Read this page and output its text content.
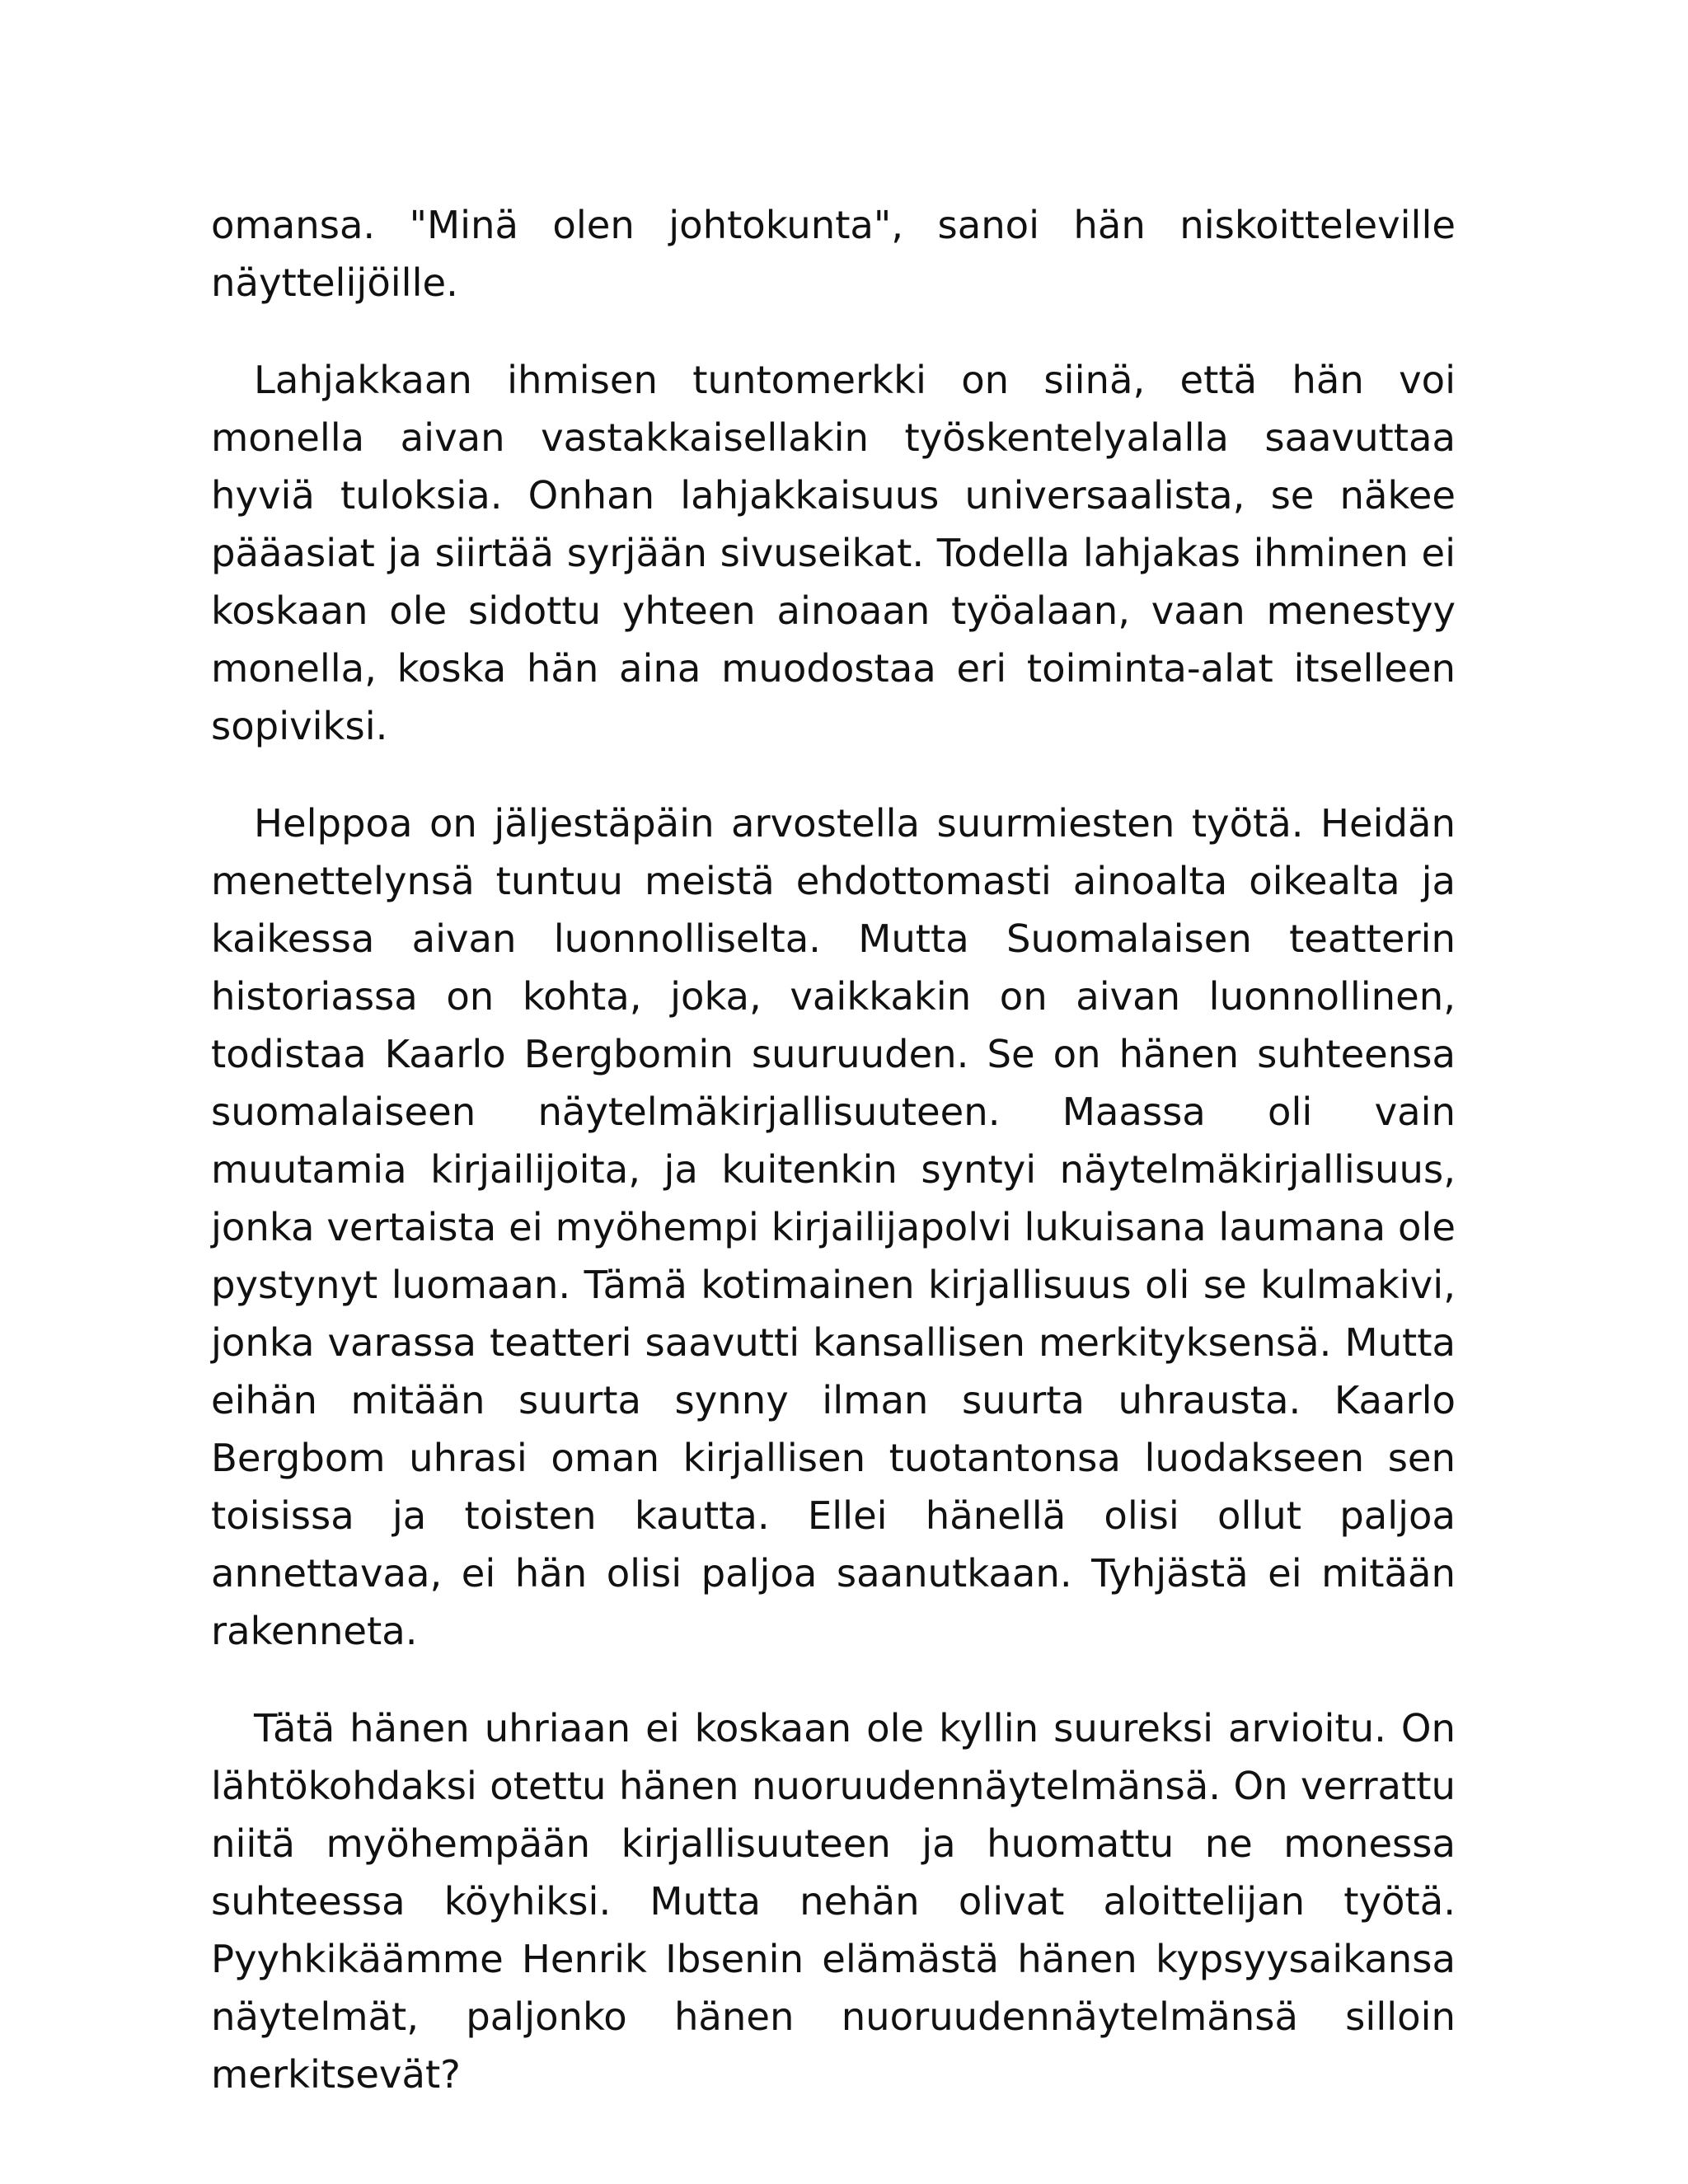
omansa. "Minä olen johtokunta", sanoi hän niskoitteleville näyttelijöille.

Lahjakkaan ihmisen tuntomerkki on siinä, että hän voi monella aivan vastakkaisellakin työskentelyalalla saavuttaa hyviä tuloksia. Onhan lahjakkaisuus universaalista, se näkee pääasiat ja siirtää syrjään sivuseikat. Todella lahjakas ihminen ei koskaan ole sidottu yhteen ainoaan työalaan, vaan menestyy monella, koska hän aina muodostaa eri toiminta-alat itselleen sopiviksi.

Helppoa on jäljestäpäin arvostella suurmiesten työtä. Heidän menettelynsä tuntuu meistä ehdottomasti ainoalta oikealta ja kaikessa aivan luonnolliselta. Mutta Suomalaisen teatterin historiassa on kohta, joka, vaikkakin on aivan luonnollinen, todistaa Kaarlo Bergbomin suuruuden. Se on hänen suhteensa suomalaiseen näytelmäkirjallisuuteen. Maassa oli vain muutamia kirjailijoita, ja kuitenkin syntyi näytelmäkirjallisuus, jonka vertaista ei myöhempi kirjailijapolvi lukuisana laumana ole pystynyt luomaan. Tämä kotimainen kirjallisuus oli se kulmakivi, jonka varassa teatteri saavutti kansallisen merkityksensä. Mutta eihän mitään suurta synny ilman suurta uhrausta. Kaarlo Bergbom uhrasi oman kirjallisen tuotantonsa luodakseen sen toisissa ja toisten kautta. Ellei hänellä olisi ollut paljoa annettavaa, ei hän olisi paljoa saanutkaan. Tyhjästä ei mitään rakenneta.

Tätä hänen uhriaan ei koskaan ole kyllin suureksi arvioitu. On lähtökohdaksi otettu hänen nuoruudennäytelmänsä. On verrattu niitä myöhempään kirjallisuuteen ja huomattu ne monessa suhteessa köyhiksi. Mutta nehän olivat aloittelijan työtä. Pyyhkikäämme Henrik Ibsenin elämästä hänen kypsyysaikansa näytelmät, paljonko hänen nuoruudennäytelmänsä silloin merkitsevät?
